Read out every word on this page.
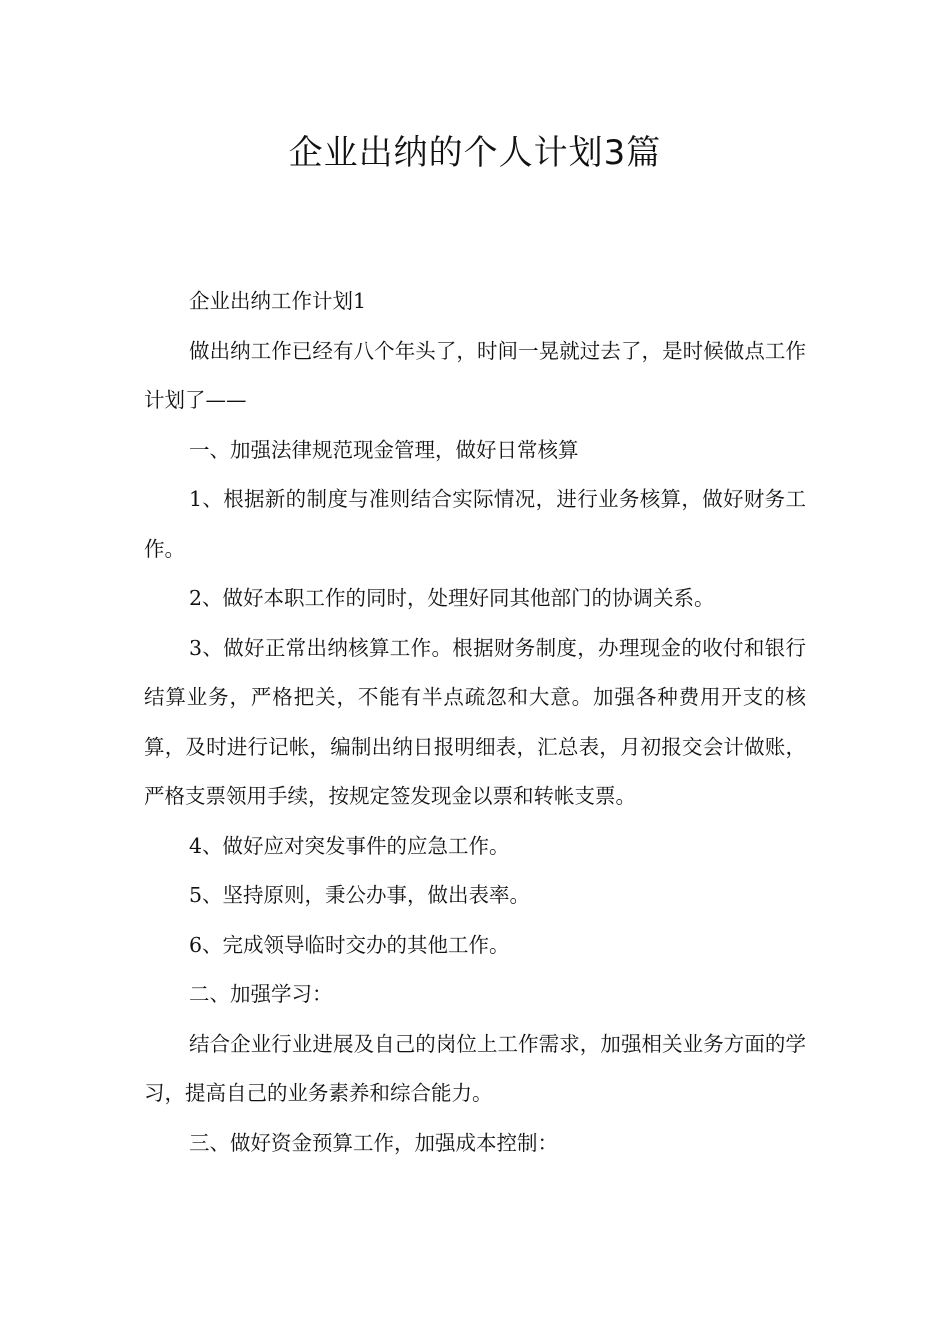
企业出纳的个人计划3篇

企业出纳工作计划1

做出纳工作已经有八个年头了，时间一晃就过去了，是时候做点工作计划了——

一、加强法律规范现金管理，做好日常核算

1、根据新的制度与准则结合实际情况，进行业务核算，做好财务工作。

2、做好本职工作的同时，处理好同其他部门的协调关系。

3、做好正常出纳核算工作。根据财务制度，办理现金的收付和银行结算业务，严格把关，不能有半点疏忽和大意。加强各种费用开支的核算，及时进行记帐，编制出纳日报明细表，汇总表，月初报交会计做账，严格支票领用手续，按规定签发现金以票和转帐支票。

4、做好应对突发事件的应急工作。

5、坚持原则，秉公办事，做出表率。

6、完成领导临时交办的其他工作。

二、加强学习：

结合企业行业进展及自己的岗位上工作需求，加强相关业务方面的学习，提高自己的业务素养和综合能力。

三、做好资金预算工作，加强成本控制：
